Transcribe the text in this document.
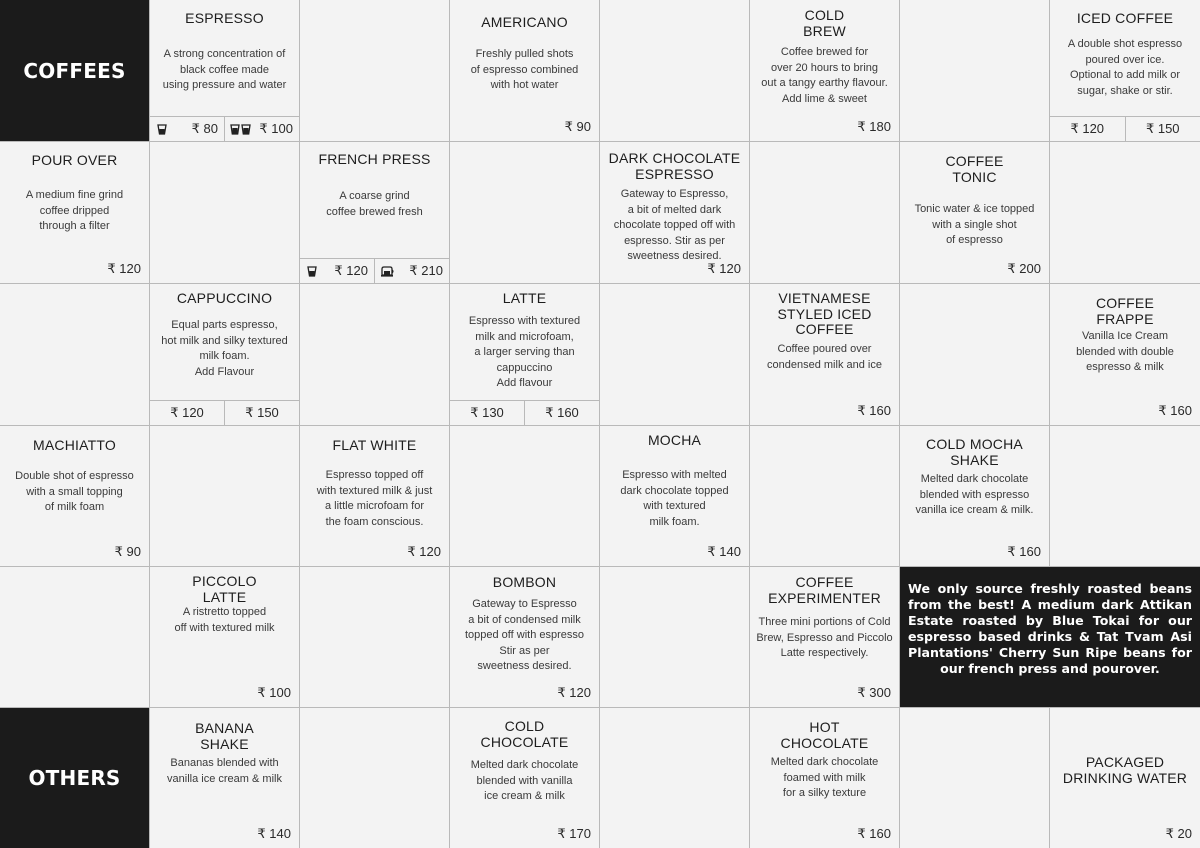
COFFEES
ESPRESSO
A strong concentration of
black coffee made
using pressure and water
₹ 80	₹ 100
AMERICANO
Freshly pulled shots
of espresso combined
with hot water
₹ 90
COLD
BREW
Coffee brewed for
over 20 hours to bring
out a tangy earthy flavour.
Add lime & sweet
₹ 180
ICED COFFEE
A double shot espresso
poured over ice.
Optional to add milk or
sugar, shake or stir.
₹ 120	₹ 150
POUR OVER
A medium fine grind
coffee dripped
through a filter
₹ 120
FRENCH PRESS
A coarse grind
coffee brewed fresh
₹ 120	₹ 210
DARK CHOCOLATE
ESPRESSO
Gateway to Espresso,
a bit of melted dark
chocolate topped off with
espresso. Stir as per
sweetness desired.
₹ 120
COFFEE
TONIC
Tonic water & ice topped
with a single shot
of espresso
₹ 200
CAPPUCCINO
Equal parts espresso,
hot milk and silky textured
milk foam.
Add Flavour
₹ 120	₹ 150
LATTE
Espresso with textured
milk and microfoam,
a larger serving than
cappuccino
Add flavour
₹ 130	₹ 160
VIETNAMESE
STYLED ICED
COFFEE
Coffee poured over
condensed milk and ice
₹ 160
COFFEE
FRAPPE
Vanilla Ice Cream
blended with double
espresso & milk
₹ 160
MACHIATTO
Double shot of espresso
with a small topping
of milk foam
₹ 90
FLAT WHITE
Espresso topped off
with textured milk & just
a little microfoam for
the foam conscious.
₹ 120
MOCHA
Espresso with melted
dark chocolate topped
with textured
milk foam.
₹ 140
COLD MOCHA
SHAKE
Melted dark chocolate
blended with espresso
vanilla ice cream & milk.
₹ 160
PICCOLO
LATTE
A ristretto topped
off with textured milk
₹ 100
BOMBON
Gateway to Espresso
a bit of condensed milk
topped off with espresso
Stir as per
sweetness desired.
₹ 120
COFFEE
EXPERIMENTER
Three mini portions of Cold
Brew, Espresso and Piccolo
Latte respectively.
₹ 300
We only source freshly roasted beans from the best! A medium dark Attikan Estate roasted by Blue Tokai for our espresso based drinks & Tat Tvam Asi Plantations' Cherry Sun Ripe beans for our french press and pourover.
OTHERS
BANANA
SHAKE
Bananas blended with
vanilla ice cream & milk
₹ 140
COLD
CHOCOLATE
Melted dark chocolate
blended with vanilla
ice cream & milk
₹ 170
HOT
CHOCOLATE
Melted dark chocolate
foamed with milk
for a silky texture
₹ 160
PACKAGED
DRINKING WATER
₹ 20
